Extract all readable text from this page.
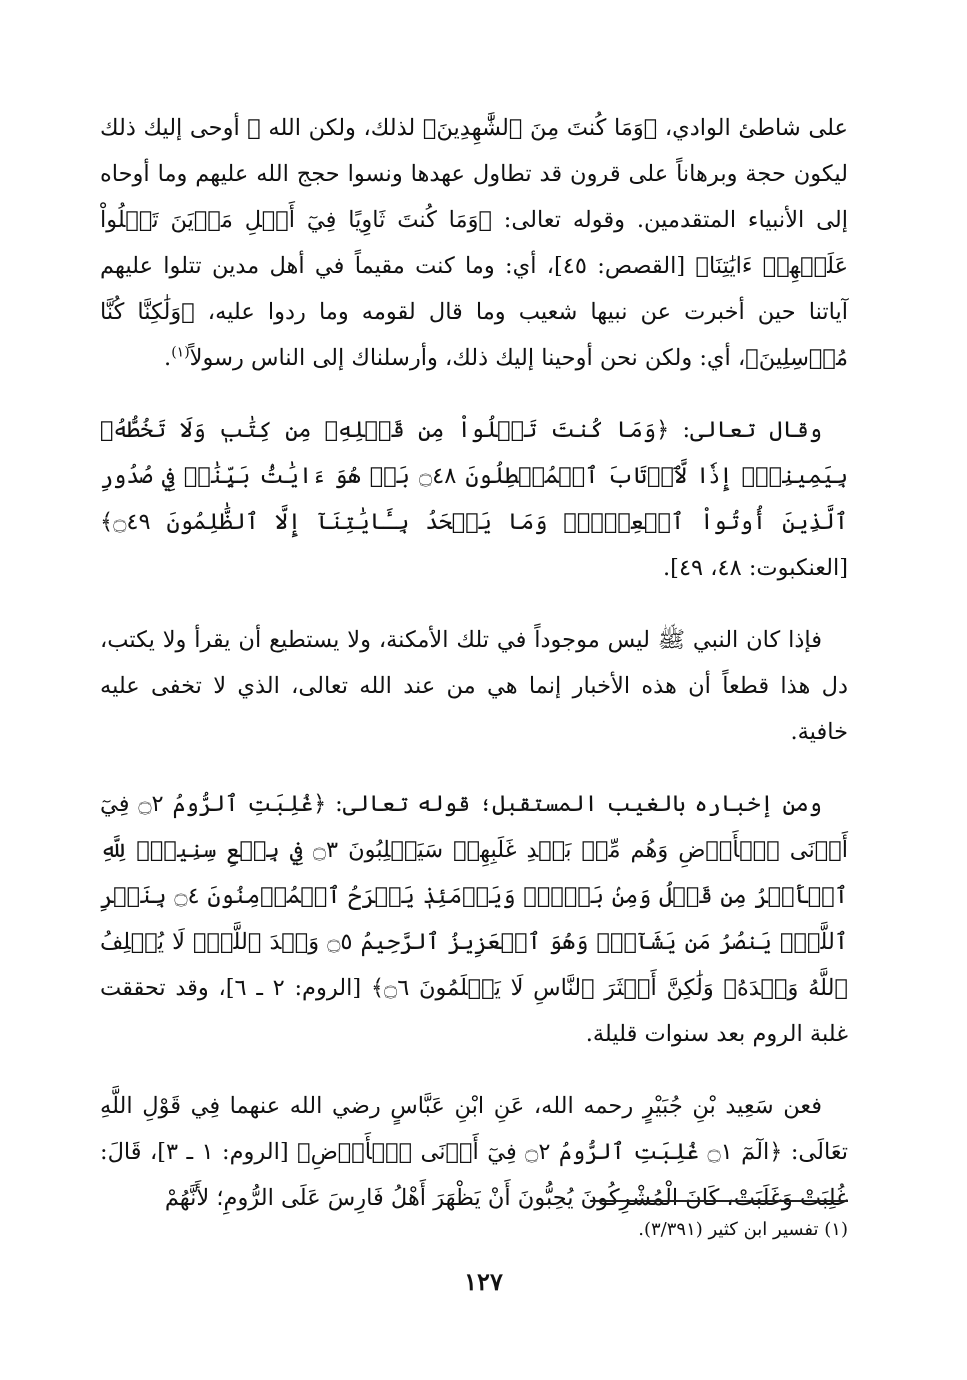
على شاطئ الوادي، ﴿وَمَا كُنتَ مِنَ ٱلشَّٰهِدِينَ﴾ لذلك، ولكن الله ﷻ أوحى إليك ذلك ليكون حجة وبرهاناً على قرون قد تطاول عهدها ونسوا حجج الله عليهم وما أوحاه إلى الأنبياء المتقدمين. وقوله تعالى: ﴿وَمَا كُنتَ ثَاوِيًا فِيٓ أَهۡلِ مَدۡيَنَ تَتۡلُواْ عَلَيۡهِمۡ ءَايَٰتِنَا﴾ [القصص: ٤٥]، أي: وما كنت مقيماً في أهل مدين تتلوا عليهم آياتنا حين أخبرت عن نبيها شعيب وما قال لقومه وما ردوا عليه، ﴿وَلَٰكِنَّا كُنَّا مُرۡسِلِينَ﴾، أي: ولكن نحن أوحينا إليك ذلك، وأرسلناك إلى الناس رسولاً$^{(١)}$.

وقال تعالى: ﴿وَمَا كُنتَ تَتۡلُواْ مِن قَبۡلِهِۦ مِن كِتَٰبٖ وَلَا تَخُطُّهُۥ بِيَمِينِكَۖ إِذٗا لَّٱرۡتَابَ ٱلۡمُبۡطِلُونَ ۝٤٨ بَلۡ هُوَ ءَايَٰتُۢ بَيِّنَٰتٞ فِي صُدُورِ ٱلَّذِينَ أُوتُواْ ٱلۡعِلۡمَۚ وَمَا يَجۡحَدُ بِـَٔايَٰتِنَآ إِلَّا ٱلظَّٰلِمُونَ ۝٤٩﴾ [العنكبوت: ٤٨، ٤٩].

فإذا كان النبي ﷺ ليس موجوداً في تلك الأمكنة، ولا يستطيع أن يقرأ ولا يكتب، دل هذا قطعاً أن هذه الأخبار إنما هي من عند الله تعالى، الذي لا تخفى عليه خافية.

ومن إخباره بالغيب المستقبل؛ قوله تعالى: ﴿غُلِبَتِ ٱلرُّومُ ۝٢ فِيٓ أَدۡنَى ٱلۡأَرۡضِ وَهُم مِّنۢ بَعۡدِ غَلَبِهِمۡ سَيَغۡلِبُونَ ۝٣ فِي بِضۡعِ سِنِينَۗ لِلَّهِ ٱلۡأَمۡرُ مِن قَبۡلُ وَمِنۢ بَعۡدُۚ وَيَوۡمَئِذٖ يَفۡرَحُ ٱلۡمُؤۡمِنُونَ ۝٤ بِنَصۡرِ ٱللَّهِۚ يَنصُرُ مَن يَشَآءُۖ وَهُوَ ٱلۡعَزِيزُ ٱلرَّحِيمُ ۝٥ وَعۡدَ ٱللَّهِۖ لَا يُخۡلِفُ ٱللَّهُ وَعۡدَهُۥ وَلَٰكِنَّ أَكۡثَرَ ٱلنَّاسِ لَا يَعۡلَمُونَ ۝٦﴾ [الروم: ٢ ـ ٦]، وقد تحققت غلبة الروم بعد سنوات قليلة.

فعن سَعِيد بْنِ جُبَيْرٍ رحمه الله، عَنِ ابْنِ عَبَّاسٍ رضي الله عنهما فِي قَوْلِ اللَّهِ تعَالَى: ﴿الٓمٓ ۝١ غُلِبَتِ ٱلرُّومُ ۝٢ فِيٓ أَدۡنَى ٱلۡأَرۡضِ﴾ [الروم: ١ ـ ٣]، قَالَ: غُلِبَتْ وَغَلَبَتْ، كَانَ الْمُشْرِكُونَ يُحِبُّونَ أَنْ يَظْهَرَ أَهْلُ فَارِسَ عَلَى الرُّومِ؛ لأَنَّهُمْ

(١) تفسير ابن كثير (٣/٣٩١).
١٢٧
